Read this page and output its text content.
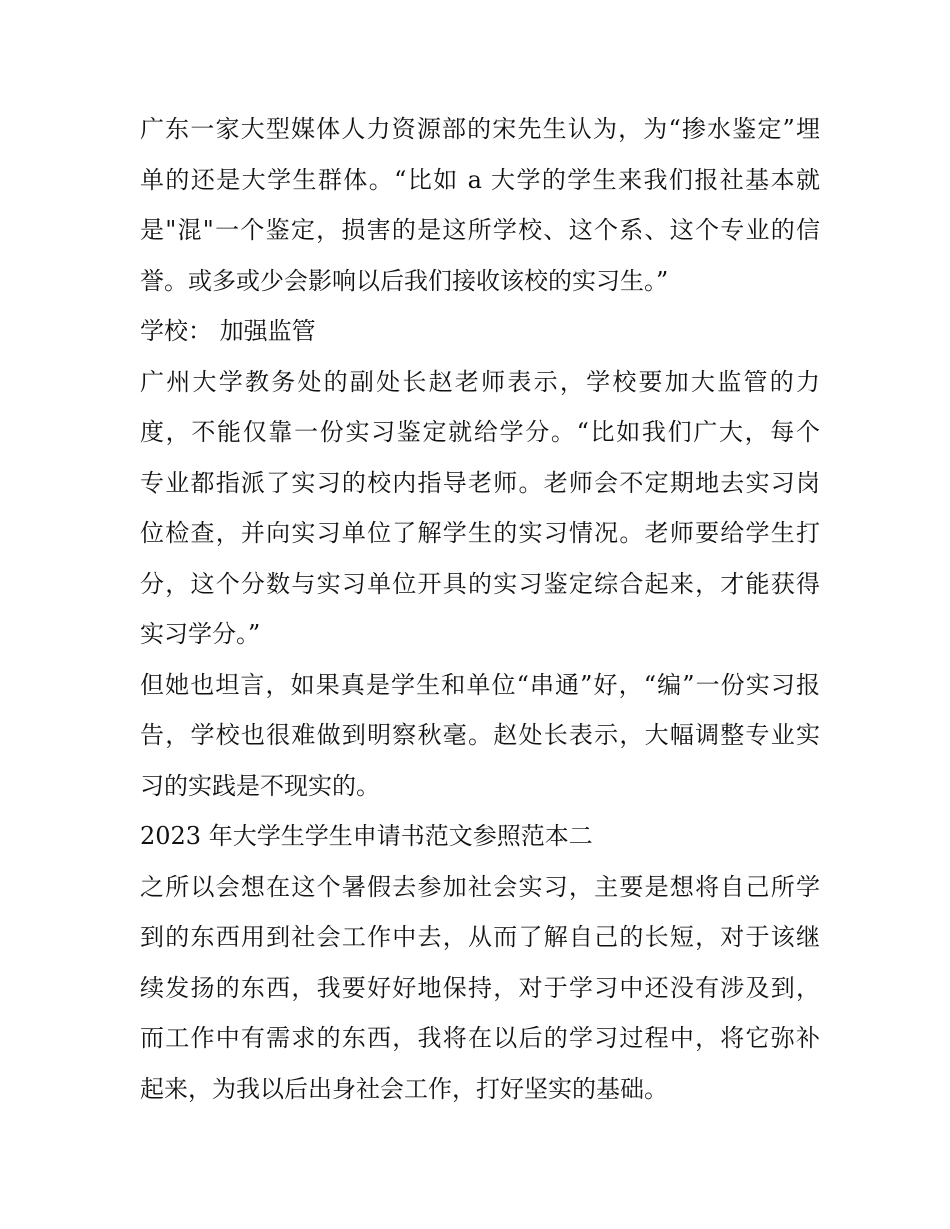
广东一家大型媒体人力资源部的宋先生认为，为“掺水鉴定”埋
单的还是大学生群体。“比如 a 大学的学生来我们报社基本就
是"混"一个鉴定，损害的是这所学校、这个系、这个专业的信
誉。或多或少会影响以后我们接收该校的实习生。”
学校： 加强监管
广州大学教务处的副处长赵老师表示，学校要加大监管的力
度，不能仅靠一份实习鉴定就给学分。“比如我们广大，每个
专业都指派了实习的校内指导老师。老师会不定期地去实习岗
位检查，并向实习单位了解学生的实习情况。老师要给学生打
分，这个分数与实习单位开具的实习鉴定综合起来，才能获得
实习学分。”
但她也坦言，如果真是学生和单位“串通”好，“编”一份实习报
告，学校也很难做到明察秋毫。赵处长表示，大幅调整专业实
习的实践是不现实的。
2023 年大学生学生申请书范文参照范本二
之所以会想在这个暑假去参加社会实习，主要是想将自己所学
到的东西用到社会工作中去，从而了解自己的长短，对于该继
续发扬的东西，我要好好地保持，对于学习中还没有涉及到，
而工作中有需求的东西，我将在以后的学习过程中，将它弥补
起来，为我以后出身社会工作，打好坚实的基础。
